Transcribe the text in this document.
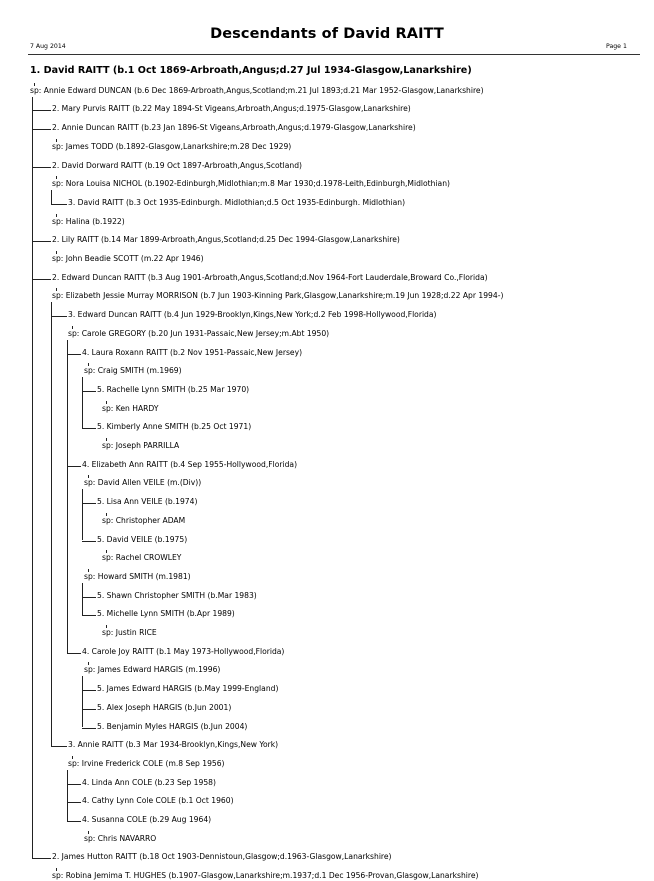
Descendants of David RAITT
7 Aug 2014	Page 1
1. David RAITT (b.1 Oct 1869-Arbroath,Angus;d.27 Jul 1934-Glasgow,Lanarkshire)
sp: Annie Edward DUNCAN (b.6 Dec 1869-Arbroath,Angus,Scotland;m.21 Jul 1893;d.21 Mar 1952-Glasgow,Lanarkshire)
2. Mary Purvis RAITT (b.22 May 1894-St Vigeans,Arbroath,Angus;d.1975-Glasgow,Lanarkshire)
2. Annie Duncan RAITT (b.23 Jan 1896-St Vigeans,Arbroath,Angus;d.1979-Glasgow,Lanarkshire)
sp: James TODD (b.1892-Glasgow,Lanarkshire;m.28 Dec 1929)
2. David Dorward RAITT (b.19 Oct 1897-Arbroath,Angus,Scotland)
sp: Nora Louisa NICHOL (b.1902-Edinburgh,Midlothian;m.8 Mar 1930;d.1978-Leith,Edinburgh,Midlothian)
3. David RAITT (b.3 Oct 1935-Edinburgh. Midlothian;d.5 Oct 1935-Edinburgh. Midlothian)
sp: Halina (b.1922)
2. Lily RAITT (b.14 Mar 1899-Arbroath,Angus,Scotland;d.25 Dec 1994-Glasgow,Lanarkshire)
sp: John Beadie SCOTT (m.22 Apr 1946)
2. Edward Duncan RAITT (b.3 Aug 1901-Arbroath,Angus,Scotland;d.Nov 1964-Fort Lauderdale,Broward Co.,Florida)
sp: Elizabeth Jessie Murray MORRISON (b.7 Jun 1903-Kinning Park,Glasgow,Lanarkshire;m.19 Jun 1928;d.22 Apr 1994-)
3. Edward Duncan RAITT (b.4 Jun 1929-Brooklyn,Kings,New York;d.2 Feb 1998-Hollywood,Florida)
sp: Carole GREGORY (b.20 Jun 1931-Passaic,New Jersey;m.Abt 1950)
4. Laura Roxann RAITT (b.2 Nov 1951-Passaic,New Jersey)
sp: Craig SMITH (m.1969)
5. Rachelle Lynn SMITH (b.25 Mar 1970)
sp: Ken HARDY
5. Kimberly Anne SMITH (b.25 Oct 1971)
sp: Joseph PARRILLA
4. Elizabeth Ann RAITT (b.4 Sep 1955-Hollywood,Florida)
sp: David Allen VEILE (m.(Div))
5. Lisa Ann VEILE (b.1974)
sp: Christopher ADAM
5. David VEILE (b.1975)
sp: Rachel CROWLEY
sp: Howard SMITH (m.1981)
5. Shawn Christopher SMITH (b.Mar 1983)
5. Michelle Lynn SMITH (b.Apr 1989)
sp: Justin RICE
4. Carole Joy RAITT (b.1 May 1973-Hollywood,Florida)
sp: James Edward HARGIS (m.1996)
5. James Edward HARGIS (b.May 1999-England)
5. Alex Joseph HARGIS (b.Jun 2001)
5. Benjamin Myles HARGIS (b.Jun 2004)
3. Annie RAITT (b.3 Mar 1934-Brooklyn,Kings,New York)
sp: Irvine Frederick COLE (m.8 Sep 1956)
4. Linda Ann COLE (b.23 Sep 1958)
4. Cathy Lynn Cole COLE (b.1 Oct 1960)
4. Susanna COLE (b.29 Aug 1964)
sp: Chris NAVARRO
2. James Hutton RAITT (b.18 Oct 1903-Dennistoun,Glasgow;d.1963-Glasgow,Lanarkshire)
sp: Robina Jemima T. HUGHES (b.1907-Glasgow,Lanarkshire;m.1937;d.1 Dec 1956-Provan,Glasgow,Lanarkshire)
